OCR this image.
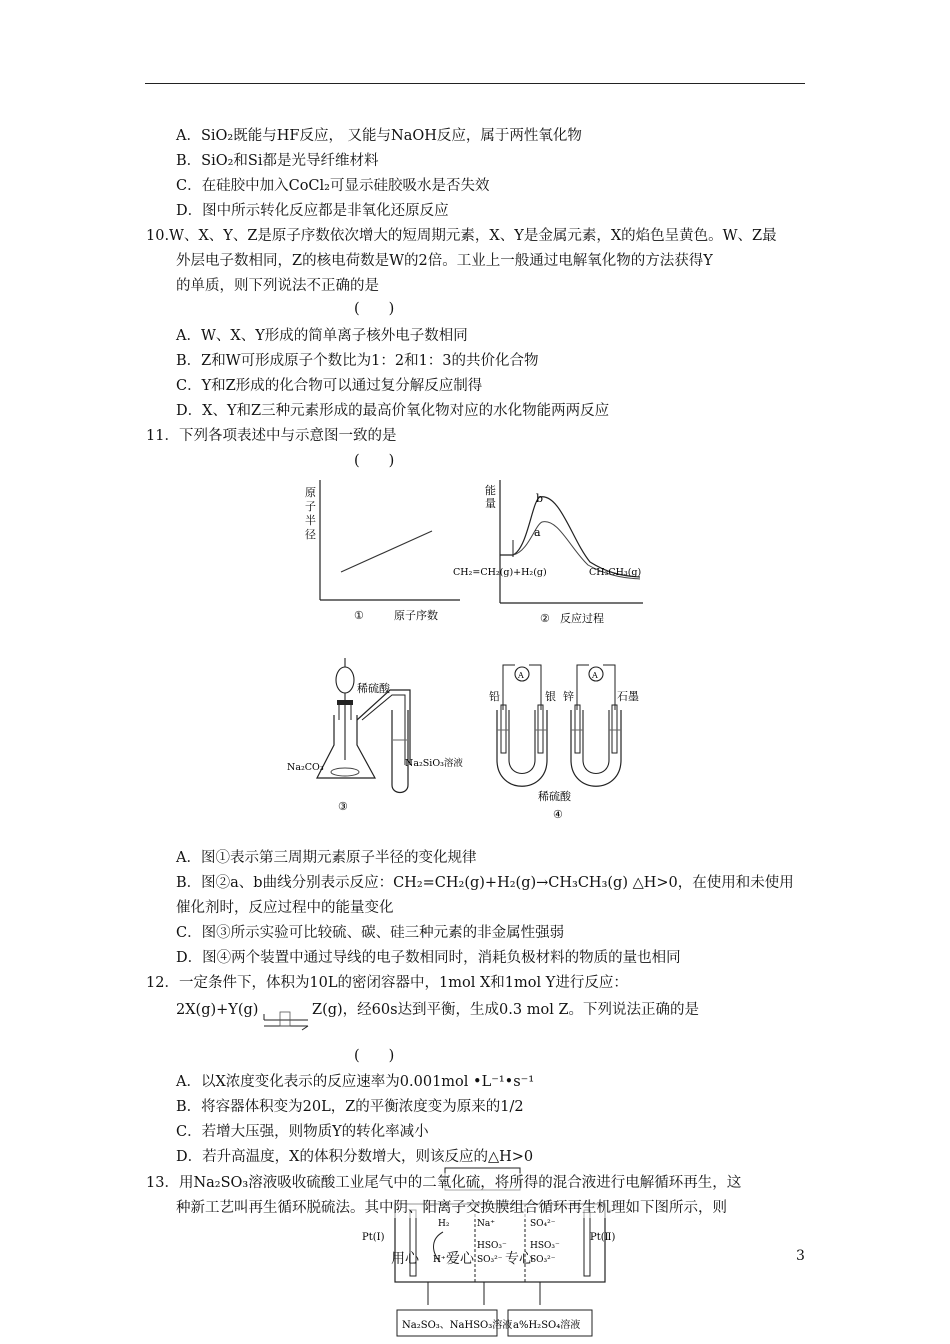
A．SiO₂既能与HF反应， 又能与NaOH反应，属于两性氧化物
B．SiO₂和Si都是光导纤维材料
C．在硅胶中加入CoCl₂可显示硅胶吸水是否失效
D．图中所示转化反应都是非氧化还原反应
10.W、X、Y、Z是原子序数依次增大的短周期元素，X、Y是金属元素，X的焰色呈黄色。W、Z最
外层电子数相同，Z的核电荷数是W的2倍。工业上一般通过电解氧化物的方法获得Y
的单质，则下列说法不正确的是
(　　)
A．W、X、Y形成的简单离子核外电子数相同
B．Z和W可形成原子个数比为1：2和1：3的共价化合物
C．Y和Z形成的化合物可以通过复分解反应制得
D．X、Y和Z三种元素形成的最高价氧化物对应的水化物能两两反应
11．下列各项表述中与示意图一致的是
(　　)
原
子
半
径
①	原子序数
能
量	b
a
CH₂=CH₂(g)+H₂(g)	CH₃CH₃(g)
② 反应过程
稀硫酸
Na₂CO₃	Na₂SiO₃溶液
③
A	A
铅	银 锌	石墨
稀硫酸
④
Pt(Ⅰ)	Pt(Ⅱ)
H₂	Na⁺
H⁺
HSO₃⁻
SO₃²⁻
SO₄²⁻
HSO₃⁻
SO₃²⁻
Na₂SO₃、NaHSO₃溶液 a%H₂SO₄溶液
A．图①表示第三周期元素原子半径的变化规律
B．图②a、b曲线分别表示反应：CH₂=CH₂(g)+H₂(g)→CH₃CH₃(g) △H>0，在使用和未使用
催化剂时，反应过程中的能量变化
C．图③所示实验可比较硫、碳、硅三种元素的非金属性强弱
D．图④两个装置中通过导线的电子数相同时，消耗负极材料的物质的量也相同
12．一定条件下，体积为10L的密闭容器中，1mol X和1mol Y进行反应：
2X(g)+Y(g)	Z(g)，经60s达到平衡，生成0.3 mol Z。下列说法正确的是
(　　)
A．以X浓度变化表示的反应速率为0.001mol •L⁻¹•s⁻¹
B．将容器体积变为20L，Z的平衡浓度变为原来的1/2
C．若增大压强，则物质Y的转化率减小
D．若升高温度，X的体积分数增大，则该反应的△H>0
13．用Na₂SO₃溶液吸收硫酸工业尾气中的二氧化硫，将所得的混合液进行电解循环再生，这
种新工艺叫再生循环脱硫法。其中阴、阳离子交换膜组合循环再生机理如下图所示，则
用心 爱心 专心	3
